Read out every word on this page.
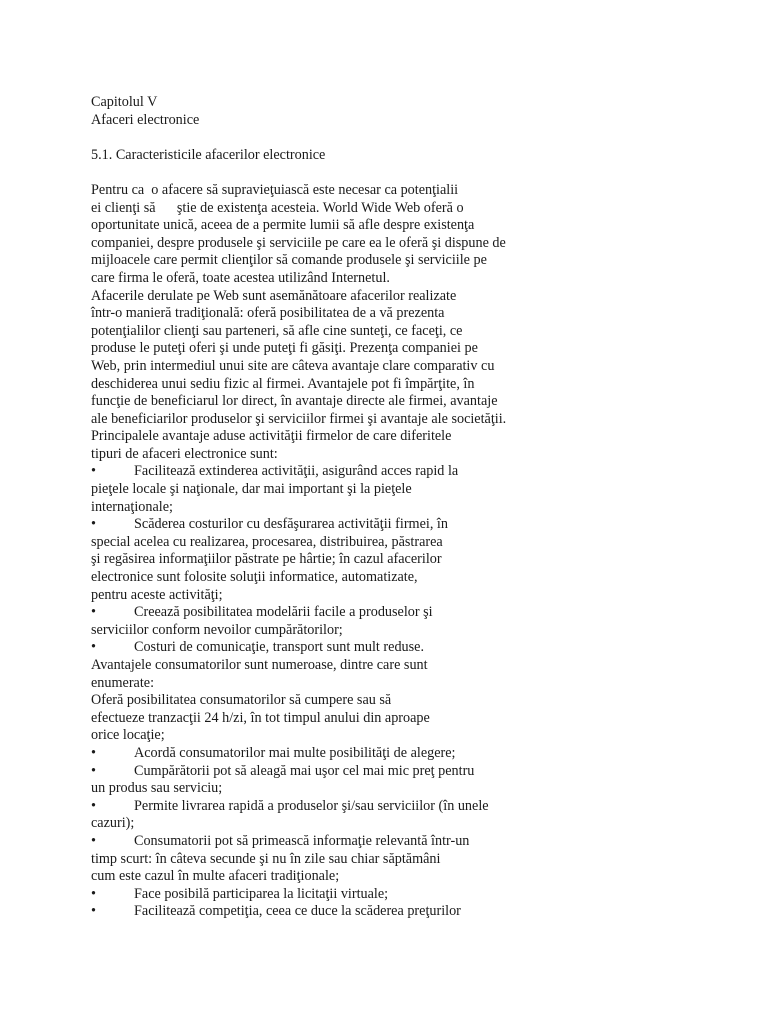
Capitolul V
Afaceri electronice
5.1. Caracteristicile afacerilor electronice
Pentru ca  o afacere să supravieţuiască este necesar ca potenţialii
ei clienţi să      ştie de existenţa acesteia. World Wide Web oferă o
oportunitate unică, aceea de a permite lumii să afle despre existenţa
companiei, despre produsele şi serviciile pe care ea le oferă şi dispune de
mijloacele care permit clienţilor să comande produsele şi serviciile pe
care firma le oferă, toate acestea utilizând Internetul.
Afacerile derulate pe Web sunt asemănătoare afacerilor realizate
într-o manieră tradiţională: oferă posibilitatea de a vă prezenta
potenţialilor clienţi sau parteneri, să afle cine sunteţi, ce faceţi, ce
produse le puteţi oferi şi unde puteţi fi găsiţi. Prezenţa companiei pe
Web, prin intermediul unui site are câteva avantaje clare comparativ cu
deschiderea unui sediu fizic al firmei. Avantajele pot fi împărţite, în
funcţie de beneficiarul lor direct, în avantaje directe ale firmei, avantaje
ale beneficiarilor produselor şi serviciilor firmei şi avantaje ale societăţii.
Principalele avantaje aduse activităţii firmelor de care diferitele
tipuri de afaceri electronice sunt:
•	Facilitează extinderea activităţii, asigurând acces rapid la
pieţele locale şi naţionale, dar mai important şi la pieţele
internaţionale;
•	Scăderea costurilor cu desfăşurarea activităţii firmei, în
special acelea cu realizarea, procesarea, distribuirea, păstrarea
şi regăsirea informaţiilor păstrate pe hârtie; în cazul afacerilor
electronice sunt folosite soluţii informatice, automatizate,
pentru aceste activităţi;
•	Creează posibilitatea modelării facile a produselor şi
serviciilor conform nevoilor cumpărătorilor;
•	Costuri de comunicaţie, transport sunt mult reduse.
Avantajele consumatorilor sunt numeroase, dintre care sunt
enumerate:
Oferă posibilitatea consumatorilor să cumpere sau să
efectueze tranzacţii 24 h/zi, în tot timpul anului din aproape
orice locaţie;
•	Acordă consumatorilor mai multe posibilităţi de alegere;
•	Cumpărătorii pot să aleagă mai uşor cel mai mic preţ pentru
un produs sau serviciu;
•	Permite livrarea rapidă a produselor şi/sau serviciilor (în unele
cazuri);
•	Consumatorii pot să primească informaţie relevantă într-un
timp scurt: în câteva secunde şi nu în zile sau chiar săptămâni
cum este cazul în multe afaceri tradiţionale;
•	Face posibilă participarea la licitaţii virtuale;
•	Facilitează competiţia, ceea ce duce la scăderea preţurilor
